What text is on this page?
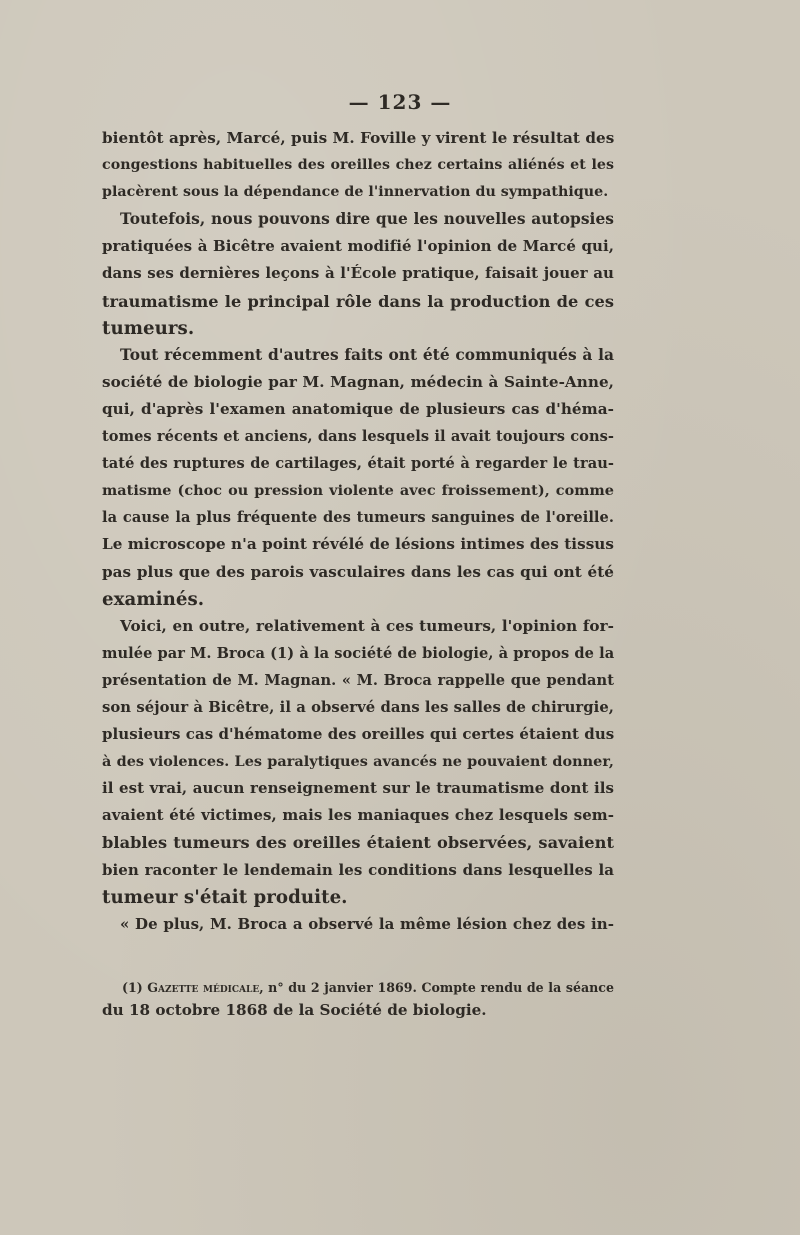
— 123 —
bientôt après, Marcé, puis M. Foville y virent le résultat des
congestions habituelles des oreilles chez certains aliénés et les
placèrent sous la dépendance de l'innervation du sympathique.
Toutefois, nous pouvons dire que les nouvelles autopsies
pratiquées à Bicêtre avaient modifié l'opinion de Marcé qui,
dans ses dernières leçons à l'École pratique, faisait jouer au
traumatisme le principal rôle dans la production de ces
tumeurs.
Tout récemment d'autres faits ont été communiqués à la
société de biologie par M. Magnan, médecin à Sainte-Anne,
qui, d'après l'examen anatomique de plusieurs cas d'héma-
tomes récents et anciens, dans lesquels il avait toujours cons-
taté des ruptures de cartilages, était porté à regarder le trau-
matisme (choc ou pression violente avec froissement), comme
la cause la plus fréquente des tumeurs sanguines de l'oreille.
Le microscope n'a point révélé de lésions intimes des tissus
pas plus que des parois vasculaires dans les cas qui ont été
examinés.
Voici, en outre, relativement à ces tumeurs, l'opinion for-
mulée par M. Broca (1) à la société de biologie, à propos de la
présentation de M. Magnan. « M. Broca rappelle que pendant
son séjour à Bicêtre, il a observé dans les salles de chirurgie,
plusieurs cas d'hématome des oreilles qui certes étaient dus
à des violences. Les paralytiques avancés ne pouvaient donner,
il est vrai, aucun renseignement sur le traumatisme dont ils
avaient été victimes, mais les maniaques chez lesquels sem-
blables tumeurs des oreilles étaient observées, savaient
bien raconter le lendemain les conditions dans lesquelles la
tumeur s'était produite.
« De plus, M. Broca a observé la même lésion chez des in-
(1) Gazette médicale, n° du 2 janvier 1869. Compte rendu de la séance
du 18 octobre 1868 de la Société de biologie.
